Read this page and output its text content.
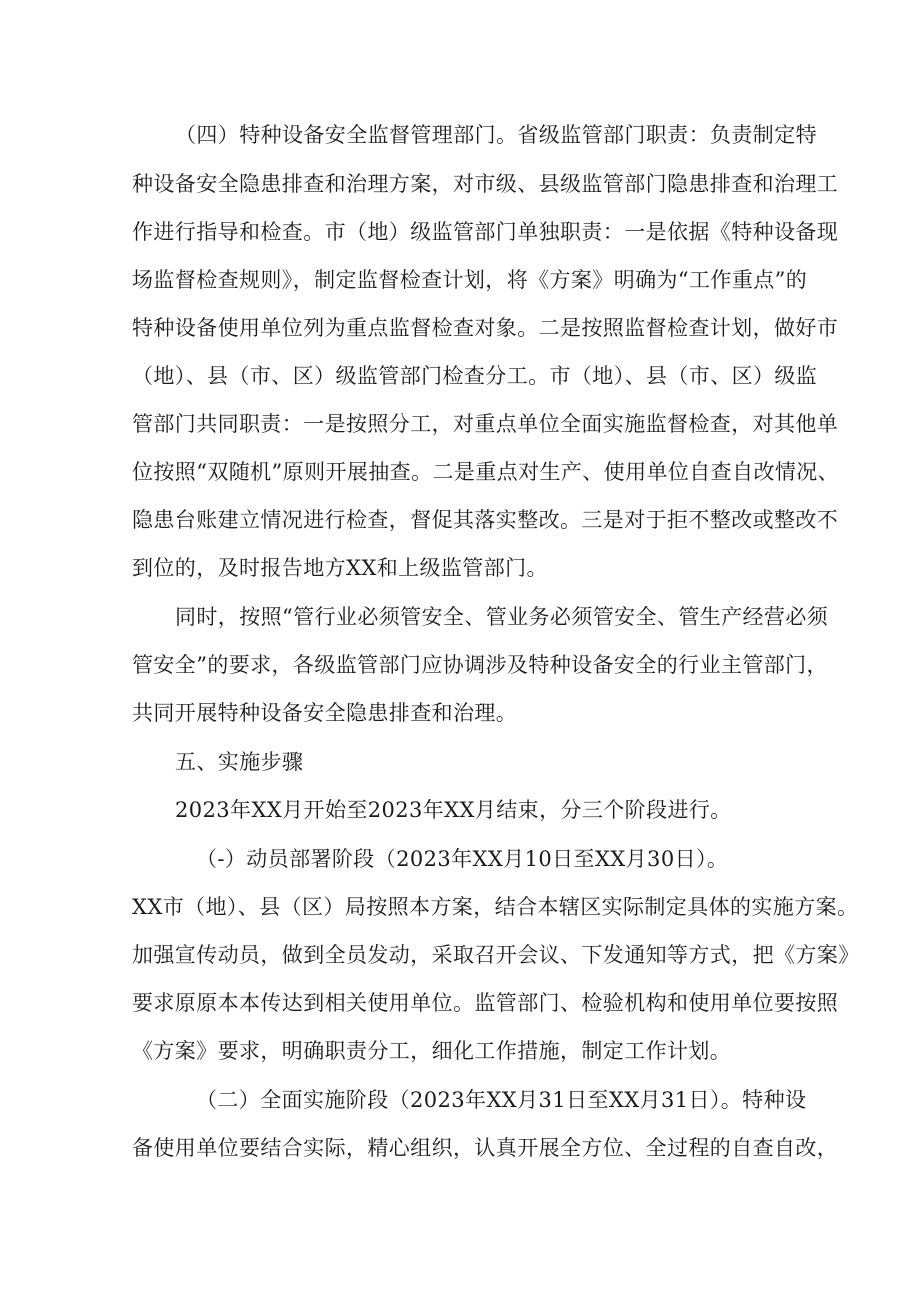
（四）特种设备安全监督管理部门。省级监管部门职责：负责制定特
种设备安全隐患排查和治理方案，对市级、县级监管部门隐患排查和治理工
作进行指导和检查。市（地）级监管部门单独职责：一是依据《特种设备现
场监督检查规则》，制定监督检查计划，将《方案》明确为“工作重点”的
特种设备使用单位列为重点监督检查对象。二是按照监督检查计划，做好市
（地）、县（市、区）级监管部门检查分工。市（地）、县（市、区）级监
管部门共同职责：一是按照分工，对重点单位全面实施监督检查，对其他单
位按照“双随机”原则开展抽查。二是重点对生产、使用单位自查自改情况、
隐患台账建立情况进行检查，督促其落实整改。三是对于拒不整改或整改不
到位的，及时报告地方XX和上级监管部门。
同时，按照“管行业必须管安全、管业务必须管安全、管生产经营必须
管安全”的要求，各级监管部门应协调涉及特种设备安全的行业主管部门，
共同开展特种设备安全隐患排查和治理。
五、实施步骤
2023年XX月开始至2023年XX月结束，分三个阶段进行。
（-）动员部署阶段（2023年XX月10日至XX月30日）。
XX市（地）、县（区）局按照本方案，结合本辖区实际制定具体的实施方案。
加强宣传动员，做到全员发动，采取召开会议、下发通知等方式，把《方案》
要求原原本本传达到相关使用单位。监管部门、检验机构和使用单位要按照
《方案》要求，明确职责分工，细化工作措施，制定工作计划。
（二）全面实施阶段（2023年XX月31日至XX月31日）。特种设
备使用单位要结合实际，精心组织，认真开展全方位、全过程的自查自改，
